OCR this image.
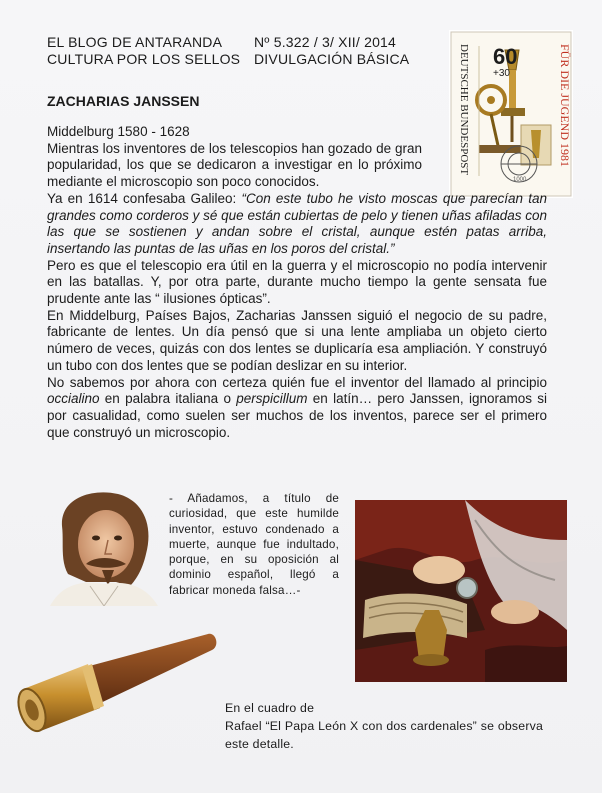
EL BLOG DE ANTARANDA Nº 5.322 / 3/ XII/ 2014
CULTURA POR LOS SELLOS DIVULGACIÓN BÁSICA
ZACHARIAS JANSSEN
60
+30
DEUTSCHE BUNDESPOST	FÜR DIE JUGEND 1981
1000

Middelburg 1580 - 1628

Mientras los inventores de los telescopios han gozado de gran popularidad, los que se dedicaron a investigar en lo próximo mediante el microscopio son poco conocidos.

Ya en 1614 confesaba Galileo: “Con este tubo he visto moscas que parecían tan grandes como corderos y sé que están cubiertas de pelo y tienen uñas afiladas con las que se sostienen y andan sobre el cristal, aunque estén patas arriba, insertando las puntas de las uñas en los poros del cristal.”

Pero es que el telescopio era útil en la guerra y el microscopio no podía intervenir en las batallas. Y, por otra parte, durante mucho tiempo la gente sensata fue prudente ante las “ ilusiones ópticas”.

En Middelburg, Países Bajos, Zacharias Janssen siguió el negocio de su padre, fabricante de lentes. Un día pensó que si una lente ampliaba un objeto cierto número de veces, quizás con dos lentes se duplicaría esa ampliación. Y construyó un tubo con dos lentes que se podían deslizar en su interior.

No sabemos por ahora con certeza quién fue el inventor del llamado al principio occialino en palabra italiana o perspicillum en latín… pero Janssen, ignoramos si por casualidad, como suelen ser muchos de los inventos, parece ser el primero que construyó un microscopio.

- Añadamos, a título de curiosidad, que este humilde inventor, estuvo condenado a muerte, aunque fue indultado, porque, en su oposición al dominio español, llegó a fabricar moneda falsa…-
En el cuadro de
Rafael “El Papa León X con dos cardenales” se observa este detalle.
